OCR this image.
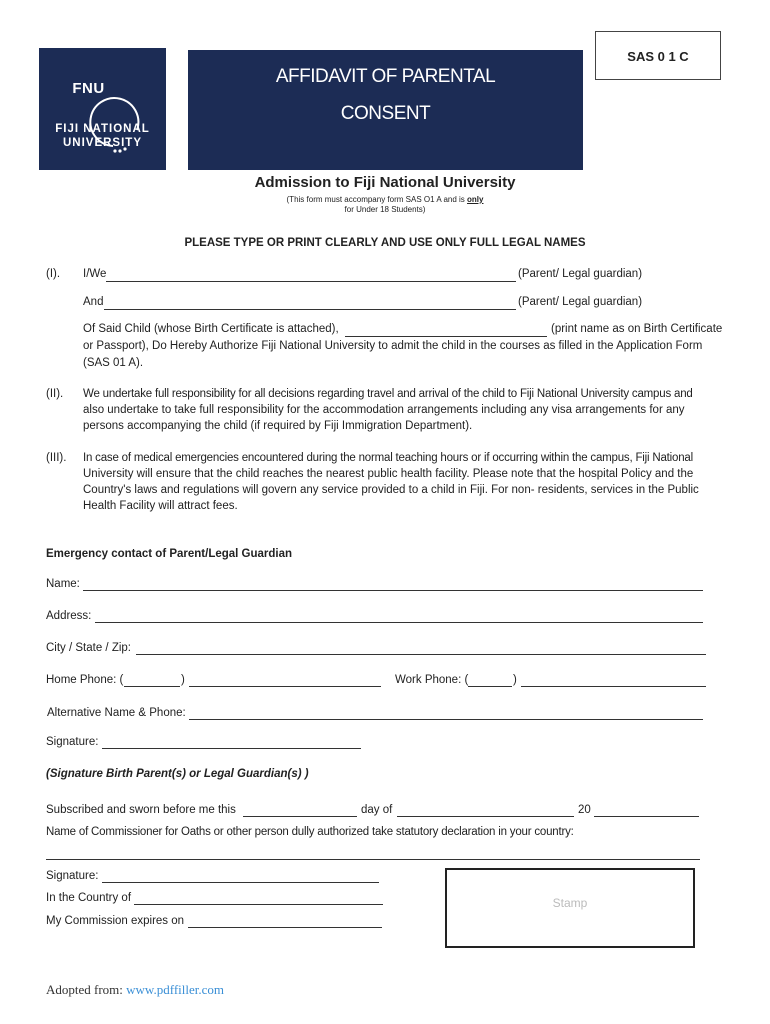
FNU
FIJI NATIONAL
UNIVERSITY
AFFIDAVIT OF PARENTAL
CONSENT
SAS 0 1 C
Admission to Fiji National University
(This form must accompany form SAS O1 A and is only
for Under 18 Students)
PLEASE TYPE OR PRINT CLEARLY AND USE ONLY FULL LEGAL NAMES
(I). I/We	(Parent/ Legal guardian)
And	(Parent/ Legal guardian)
Of Said Child (whose Birth Certificate is attached),	(print name as on Birth Certificate
or Passport), Do Hereby Authorize Fiji National University to admit the child in the courses as filled in the Application Form
(SAS 01 A).
(II). We undertake full responsibility for all decisions regarding travel and arrival of the child to Fiji National University campus and
also undertake to take full responsibility for the accommodation arrangements including any visa arrangements for any
persons accompanying the child (if required by Fiji Immigration Department).
(III). In case of medical emergencies encountered during the normal teaching hours or if occurring within the campus, Fiji National
University will ensure that the child reaches the nearest public health facility. Please note that the hospital Policy and the
Country's laws and regulations will govern any service provided to a child in Fiji. For non- residents, services in the Public
Health Facility will attract fees.
Emergency contact of Parent/Legal Guardian
Name:
Address:
City / State / Zip:
Home Phone: (	)	Work Phone: (	)
Alternative Name & Phone:
Signature:
(Signature Birth Parent(s) or Legal Guardian(s) )
Subscribed and sworn before me this	day of	20
Name of Commissioner for Oaths or other person dully authorized take statutory declaration in your country:
Signature:
In the Country of
My Commission expires on
Stamp
Adopted from: www.pdffiller.com
